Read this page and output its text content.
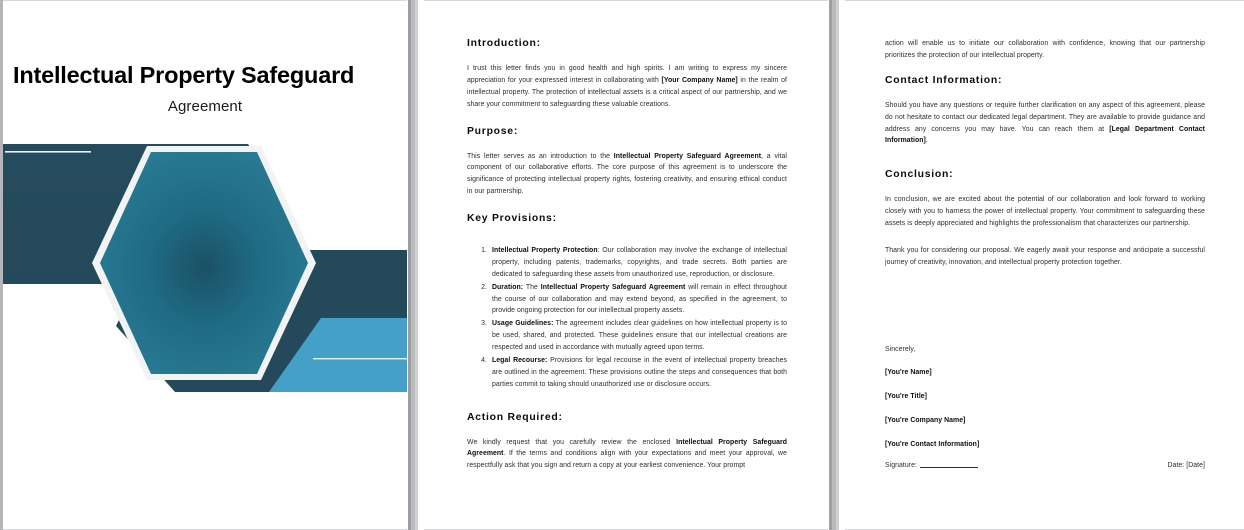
Intellectual Property Safeguard
Agreement
Introduction:

I trust this letter finds you in good health and high spirits. I am writing to express my sincere appreciation for your expressed interest in collaborating with [Your Company Name] in the realm of intellectual property. The protection of intellectual assets is a critical aspect of our partnership, and we share your commitment to safeguarding these valuable creations.

Purpose:

This letter serves as an introduction to the Intellectual Property Safeguard Agreement, a vital component of our collaborative efforts. The core purpose of this agreement is to underscore the significance of protecting intellectual property rights, fostering creativity, and ensuring ethical conduct in our partnership.

Key Provisions:
1. Intellectual Property Protection: Our collaboration may involve the exchange of intellectual property, including patents, trademarks, copyrights, and trade secrets. Both parties are dedicated to safeguarding these assets from unauthorized use, reproduction, or disclosure.
2. Duration: The Intellectual Property Safeguard Agreement will remain in effect throughout the course of our collaboration and may extend beyond, as specified in the agreement, to provide ongoing protection for our intellectual property assets.
3. Usage Guidelines: The agreement includes clear guidelines on how intellectual property is to be used, shared, and protected. These guidelines ensure that our intellectual creations are respected and used in accordance with mutually agreed upon terms.
4. Legal Recourse: Provisions for legal recourse in the event of intellectual property breaches are outlined in the agreement. These provisions outline the steps and consequences that both parties commit to taking should unauthorized use or disclosure occurs.
Action Required:

We kindly request that you carefully review the enclosed Intellectual Property Safeguard Agreement. If the terms and conditions align with your expectations and meet your approval, we respectfully ask that you sign and return a copy at your earliest convenience. Your prompt

action will enable us to initiate our collaboration with confidence, knowing that our partnership prioritizes the protection of our intellectual property.

Contact Information:

Should you have any questions or require further clarification on any aspect of this agreement, please do not hesitate to contact our dedicated legal department. They are available to provide guidance and address any concerns you may have. You can reach them at [Legal Department Contact Information].

Conclusion:

In conclusion, we are excited about the potential of our collaboration and look forward to working closely with you to harness the power of intellectual property. Your commitment to safeguarding these assets is deeply appreciated and highlights the professionalism that characterizes our partnership.

Thank you for considering our proposal. We eagerly await your response and anticipate a successful journey of creativity, innovation, and intellectual property protection together.

Sincerely,
[You're Name]
[You're Title]
[You're Company Name]
[You're Contact Information]
Signature:	Date: [Date]
